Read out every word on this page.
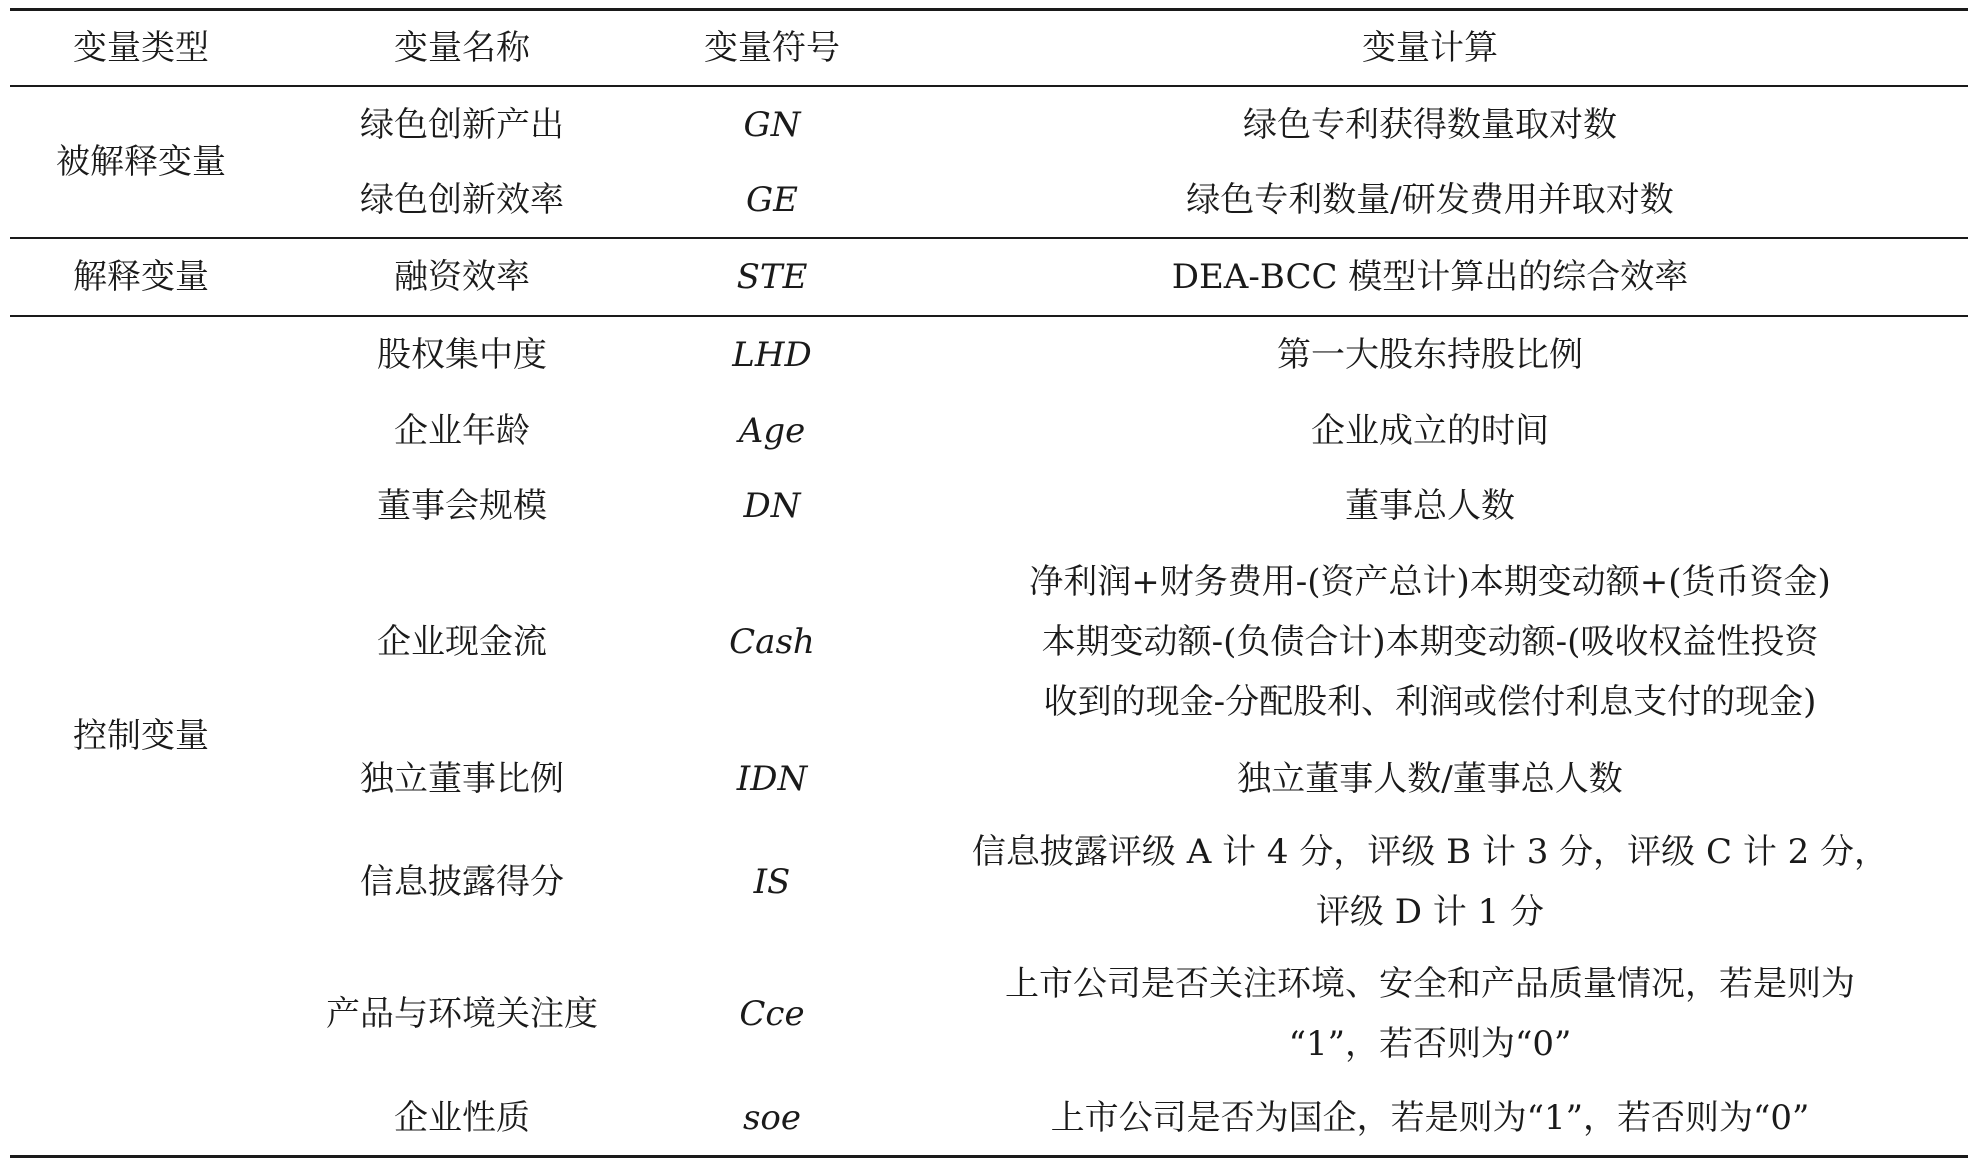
变量类型	变量名称	变量符号	变量计算
被解释变量	绿色创新产出	GN	绿色专利获得数量取对数
	绿色创新效率	GE	绿色专利数量/研发费用并取对数
解释变量	融资效率	STE	DEA-BCC 模型计算出的综合效率
控制变量	股权集中度	LHD	第一大股东持股比例
	企业年龄	Age	企业成立的时间
	董事会规模	DN	董事总人数
	企业现金流	Cash	净利润+财务费用-(资产总计)本期变动额+(货币资金)
本期变动额-(负债合计)本期变动额-(吸收权益性投资
收到的现金-分配股利、利润或偿付利息支付的现金)

	独立董事比例	IDN	独立董事人数/董事总人数
	信息披露得分	IS	信息披露评级 A 计 4 分，评级 B 计 3 分，评级 C 计 2 分，
评级 D 计 1 分

	产品与环境关注度	Cce	上市公司是否关注环境、安全和产品质量情况，若是则为
“1”，若否则为“0”

	企业性质	soe	上市公司是否为国企，若是则为“1”，若否则为“0”
